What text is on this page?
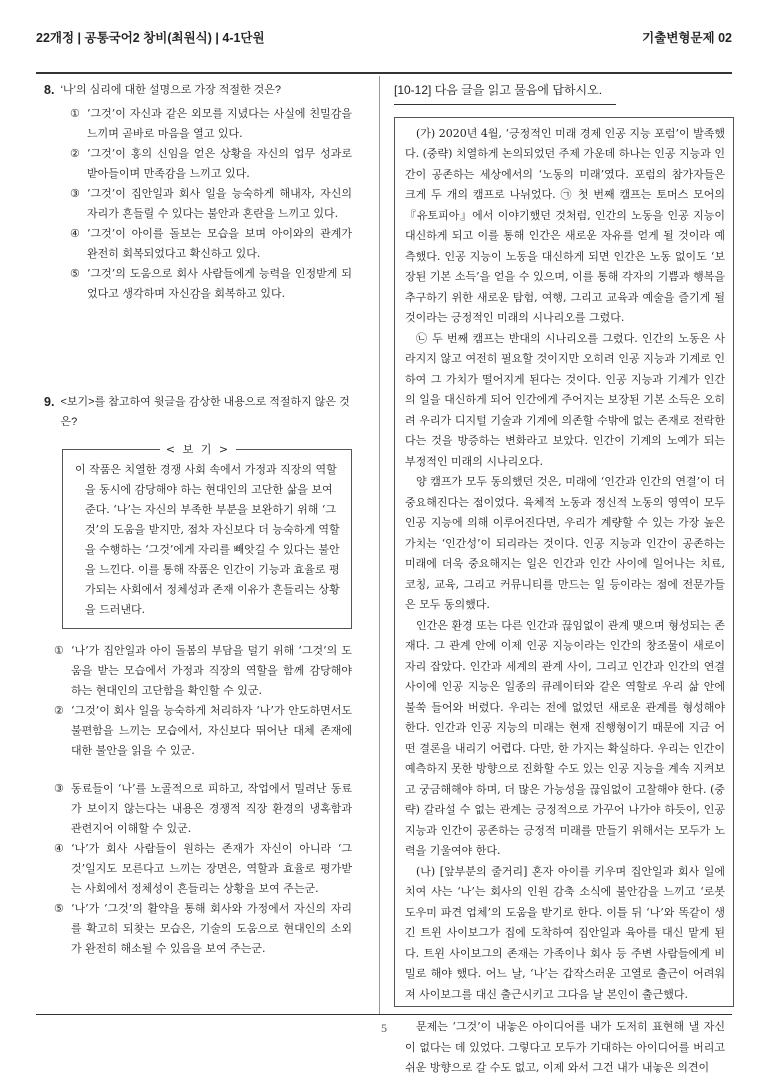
22개정 | 공통국어2 창비(최원식) | 4-1단원	기출변형문제 02
8. ‘나’의 심리에 대한 설명으로 가장 적절한 것은?
① ‘그것’이 자신과 같은 외모를 지녔다는 사실에 친밀감을 느끼며 곧바로 마음을 열고 있다.
② ‘그것’이 홍의 신임을 얻은 상황을 자신의 업무 성과로 받아들이며 만족감을 느끼고 있다.
③ ‘그것’이 집안일과 회사 일을 능숙하게 해내자, 자신의 자리가 흔들릴 수 있다는 불안과 혼란을 느끼고 있다.
④ ‘그것’이 아이를 돌보는 모습을 보며 아이와의 관계가 완전히 회복되었다고 확신하고 있다.
⑤ ‘그것’의 도움으로 회사 사람들에게 능력을 인정받게 되었다고 생각하며 자신감을 회복하고 있다.
9. <보기>를 참고하여 윗글을 감상한 내용으로 적절하지 않은 것은?
< 보 기 >
이 작품은 치열한 경쟁 사회 속에서 가정과 직장의 역할을 동시에 감당해야 하는 현대인의 고단한 삶을 보여 준다. ‘나’는 자신의 부족한 부분을 보완하기 위해 ‘그것’의 도움을 받지만, 점차 자신보다 더 능숙하게 역할을 수행하는 ‘그것’에게 자리를 빼앗길 수 있다는 불안을 느낀다. 이를 통해 작품은 인간이 기능과 효율로 평가되는 사회에서 정체성과 존재 이유가 흔들리는 상황을 드러낸다.
① ‘나’가 집안일과 아이 돌봄의 부담을 덜기 위해 ‘그것’의 도움을 받는 모습에서 가정과 직장의 역할을 함께 감당해야 하는 현대인의 고단함을 확인할 수 있군.
② ‘그것’이 회사 일을 능숙하게 처리하자 ‘나’가 안도하면서도 불편함을 느끼는 모습에서, 자신보다 뛰어난 대체 존재에 대한 불안을 읽을 수 있군.
③ 동료들이 ‘나’를 노골적으로 피하고, 작업에서 밀려난 동료가 보이지 않는다는 내용은 경쟁적 직장 환경의 냉혹함과 관련지어 이해할 수 있군.
④ ‘나’가 회사 사람들이 원하는 존재가 자신이 아니라 ‘그것’일지도 모른다고 느끼는 장면은, 역할과 효율로 평가받는 사회에서 정체성이 흔들리는 상황을 보여 주는군.
⑤ ‘나’가 ‘그것’의 활약을 통해 회사와 가정에서 자신의 자리를 확고히 되찾는 모습은, 기술의 도움으로 현대인의 소외가 완전히 해소될 수 있음을 보여 주는군.
[10-12] 다음 글을 읽고 물음에 답하시오.

(가) 2020년 4월, ‘긍정적인 미래 경제 인공 지능 포럼’이 발족했다. (중략) 치열하게 논의되었던 주제 가운데 하나는 인공 지능과 인간이 공존하는 세상에서의 ‘노동의 미래’였다. 포럼의 참가자들은 크게 두 개의 캠프로 나뉘었다. ㉠ 첫 번째 캠프는 토머스 모어의 『유토피아』에서 이야기했던 것처럼, 인간의 노동을 인공 지능이 대신하게 되고 이를 통해 인간은 새로운 자유를 얻게 될 것이라 예측했다. 인공 지능이 노동을 대신하게 되면 인간은 노동 없이도 ‘보장된 기본 소득’을 얻을 수 있으며, 이를 통해 각자의 기쁨과 행복을 추구하기 위한 새로운 탐험, 여행, 그리고 교육과 예술을 즐기게 될 것이라는 긍정적인 미래의 시나리오를 그렸다.

㉡ 두 번째 캠프는 반대의 시나리오를 그렸다. 인간의 노동은 사라지지 않고 여전히 필요할 것이지만 오히려 인공 지능과 기계로 인하여 그 가치가 떨어지게 된다는 것이다. 인공 지능과 기계가 인간의 일을 대신하게 되어 인간에게 주어지는 보장된 기본 소득은 오히려 우리가 디지털 기술과 기계에 의존할 수밖에 없는 존재로 전락한다는 것을 방증하는 변화라고 보았다. 인간이 기계의 노예가 되는 부정적인 미래의 시나리오다.

양 캠프가 모두 동의했던 것은, 미래에 ‘인간과 인간의 연결’이 더 중요해진다는 점이었다. 육체적 노동과 정신적 노동의 영역이 모두 인공 지능에 의해 이루어진다면, 우리가 계량할 수 있는 가장 높은 가치는 ‘인간성’이 되리라는 것이다. 인공 지능과 인간이 공존하는 미래에 더욱 중요해지는 일은 인간과 인간 사이에 일어나는 치료, 코칭, 교육, 그리고 커뮤니티를 만드는 일 등이라는 점에 전문가들은 모두 동의했다.

인간은 환경 또는 다른 인간과 끊임없이 관계 맺으며 형성되는 존재다. 그 관계 안에 이제 인공 지능이라는 인간의 창조물이 새로이 자리 잡았다. 인간과 세계의 관계 사이, 그리고 인간과 인간의 연결 사이에 인공 지능은 일종의 큐레이터와 같은 역할로 우리 삶 안에 불쑥 들어와 버렸다. 우리는 전에 없었던 새로운 관계를 형성해야 한다. 인간과 인공 지능의 미래는 현재 진행형이기 때문에 지금 어떤 결론을 내리기 어렵다. 다만, 한 가지는 확실하다. 우리는 인간이 예측하지 못한 방향으로 진화할 수도 있는 인공 지능을 계속 지켜보고 궁금해해야 하며, 더 많은 가능성을 끊임없이 고찰해야 한다. (중략) 갈라설 수 없는 관계는 긍정적으로 가꾸어 나가야 하듯이, 인공 지능과 인간이 공존하는 긍정적 미래를 만들기 위해서는 모두가 노력을 기울여야 한다.

(나) [앞부분의 줄거리] 혼자 아이를 키우며 집안일과 회사 일에 치여 사는 ‘나’는 회사의 인원 감축 소식에 불안감을 느끼고 ‘로봇 도우미 파견 업체’의 도움을 받기로 한다. 이틀 뒤 ‘나’와 똑같이 생긴 트윈 사이보그가 집에 도착하여 집안일과 육아를 대신 맡게 된다. 트윈 사이보그의 존재는 가족이나 회사 등 주변 사람들에게 비밀로 해야 했다. 어느 날, ‘나’는 갑작스러운 고열로 출근이 어려워져 사이보그를 대신 출근시키고 그다음 날 본인이 출근했다.

문제는 ‘그것’이 내놓은 아이디어를 내가 도저히 표현해 낼 자신이 없다는 데 있었다. 그렇다고 모두가 기대하는 아이디어를 버리고 쉬운 방향으로 갈 수도 없고, 이제 와서 그건 내가 내놓은 의견이

5
